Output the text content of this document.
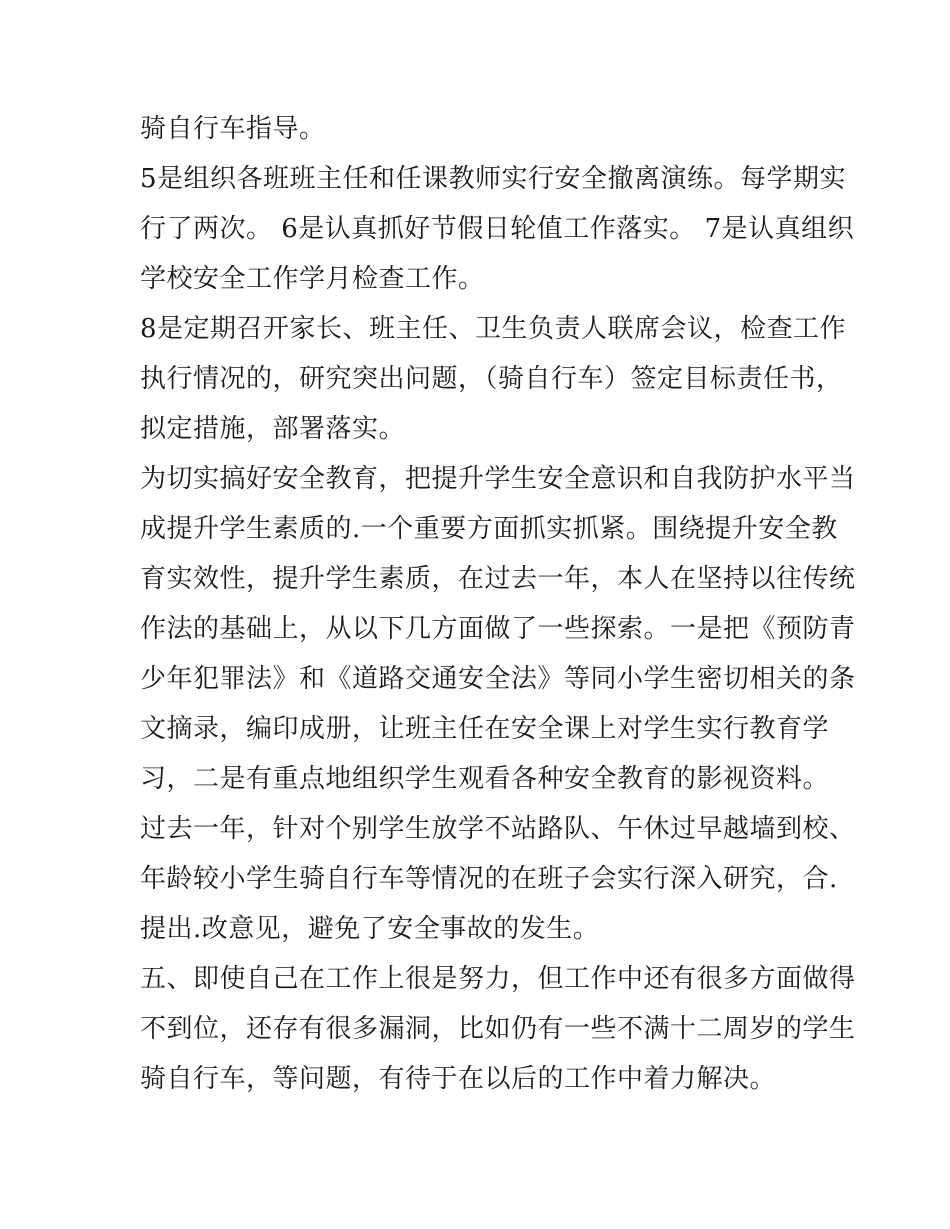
骑自行车指导。
5是组织各班班主任和任课教师实行安全撤离演练。每学期实
行了两次。 6是认真抓好节假日轮值工作落实。 7是认真组织
学校安全工作学月检查工作。
8是定期召开家长、班主任、卫生负责人联席会议，检查工作
执行情况的，研究突出问题，（骑自行车）签定目标责任书，
拟定措施，部署落实。
为切实搞好安全教育，把提升学生安全意识和自我防护水平当
成提升学生素质的.一个重要方面抓实抓紧。围绕提升安全教
育实效性，提升学生素质，在过去一年，本人在坚持以往传统
作法的基础上，从以下几方面做了一些探索。一是把《预防青
少年犯罪法》和《道路交通安全法》等同小学生密切相关的条
文摘录，编印成册，让班主任在安全课上对学生实行教育学
习，二是有重点地组织学生观看各种安全教育的影视资料。
过去一年，针对个别学生放学不站路队、午休过早越墙到校、
年龄较小学生骑自行车等情况的在班子会实行深入研究，合.
提出.改意见，避免了安全事故的发生。
五、即使自己在工作上很是努力，但工作中还有很多方面做得
不到位，还存有很多漏洞，比如仍有一些不满十二周岁的学生
骑自行车，等问题，有待于在以后的工作中着力解决。
